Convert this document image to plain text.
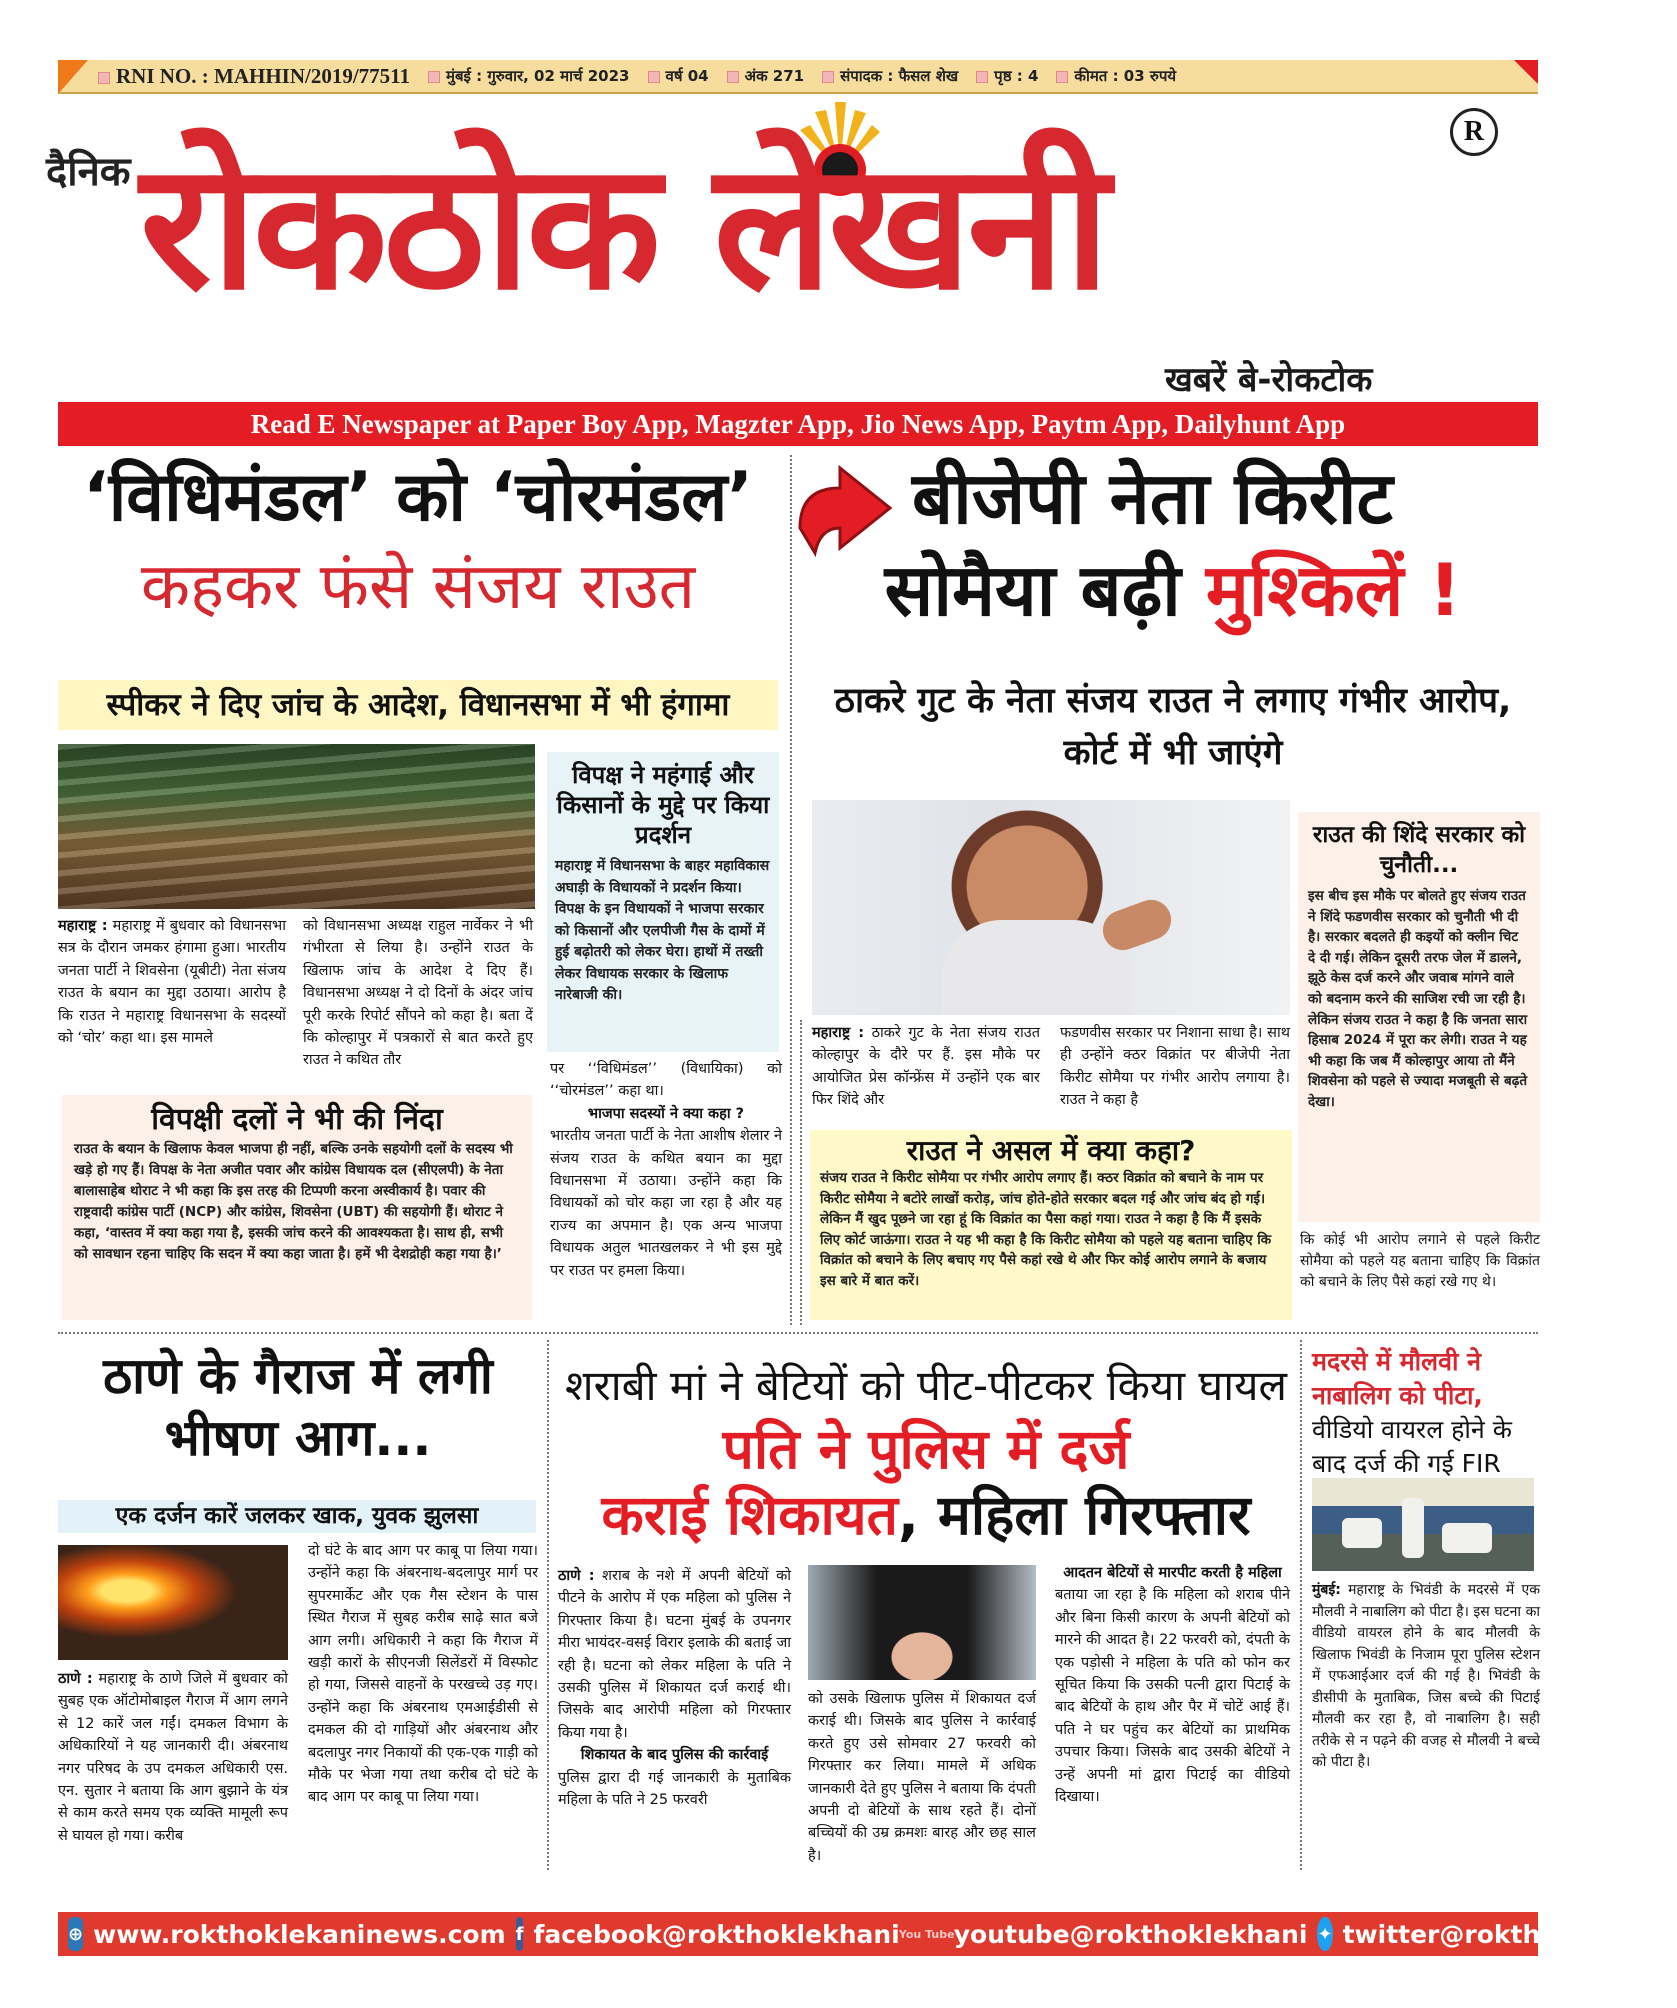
RNI NO. : MAHHIN/2019/77511	मुंबई : गुरुवार, 02 मार्च 2023	वर्ष 04	अंक 271	संपादक : फैसल शेख	पृष्ठ : 4	कीमत : 03 रुपये
दैनिक रोकठोक लेखनी	R
खबरें बे-रोकटोक
Read E Newspaper at Paper Boy App, Magzter App, Jio News App, Paytm App, Dailyhunt App
‘विधिमंडल’ को ‘चोरमंडल’
कहकर फंसे संजय राउत
स्पीकर ने दिए जांच के आदेश, विधानसभा में भी हंगामा
महाराष्ट्र : महाराष्ट्र में बुधवार को विधानसभा सत्र के दौरान जमकर हंगामा हुआ। भारतीय जनता पार्टी ने शिवसेना (यूबीटी) नेता संजय राउत के बयान का मुद्दा उठाया। आरोप है कि राउत ने महाराष्ट्र विधानसभा के सदस्यों को ‘चोर’ कहा था। इस मामले
को विधानसभा अध्यक्ष राहुल नार्वेकर ने भी गंभीरता से लिया है। उन्होंने राउत के खिलाफ जांच के आदेश दे दिए हैं। विधानसभा अध्यक्ष ने दो दिनों के अंदर जांच पूरी करके रिपोर्ट सौंपने को कहा है। बता दें कि कोल्हापुर में पत्रकारों से बात करते हुए राउत ने कथित तौर
विपक्ष ने महंगाई और किसानों के मुद्दे पर किया प्रदर्शन
महाराष्ट्र में विधानसभा के बाहर महाविकास अघाड़ी के विधायकों ने प्रदर्शन किया। विपक्ष के इन विधायकों ने भाजपा सरकार को किसानों और एलपीजी गैस के दामों में हुई बढ़ोतरी को लेकर घेरा। हाथों में तख्ती लेकर विधायक सरकार के खिलाफ नारेबाजी की।
पर ‘‘विधिमंडल’’ (विधायिका) को ‘‘चोरमंडल’’ कहा था।
भाजपा सदस्यों ने क्या कहा ?
भारतीय जनता पार्टी के नेता आशीष शेलार ने संजय राउत के कथित बयान का मुद्दा विधानसभा में उठाया। उन्होंने कहा कि विधायकों को चोर कहा जा रहा है और यह राज्य का अपमान है। एक अन्य भाजपा विधायक अतुल भातखलकर ने भी इस मुद्दे पर राउत पर हमला किया।
विपक्षी दलों ने भी की निंदा
राउत के बयान के खिलाफ केवल भाजपा ही नहीं, बल्कि उनके सहयोगी दलों के सदस्य भी खड़े हो गए हैं। विपक्ष के नेता अजीत पवार और कांग्रेस विधायक दल (सीएलपी) के नेता बालासाहेब थोराट ने भी कहा कि इस तरह की टिप्पणी करना अस्वीकार्य है। पवार की राष्ट्रवादी कांग्रेस पार्टी (NCP) और कांग्रेस, शिवसेना (UBT) की सहयोगी हैं। थोराट ने कहा, ‘वास्तव में क्या कहा गया है, इसकी जांच करने की आवश्यकता है। साथ ही, सभी को सावधान रहना चाहिए कि सदन में क्या कहा जाता है। हमें भी देशद्रोही कहा गया है।’
बीजेपी नेता किरीट
सोमैया बढ़ी मुश्किलें !
ठाकरे गुट के नेता संजय राउत ने लगाए गंभीर आरोप, कोर्ट में भी जाएंगे
महाराष्ट्र : ठाकरे गुट के नेता संजय राउत कोल्हापुर के दौरे पर हैं. इस मौके पर आयोजित प्रेस कॉन्फ्रेंस में उन्होंने एक बार फिर शिंदे और
फडणवीस सरकार पर निशाना साधा है। साथ ही उन्होंने क्ठर विक्रांत पर बीजेपी नेता किरीट सोमैया पर गंभीर आरोप लगाया है। राउत ने कहा है
राउत ने असल में क्या कहा?
संजय राउत ने किरीट सोमैया पर गंभीर आरोप लगाए हैं। क्ठर विक्रांत को बचाने के नाम पर किरीट सोमैया ने बटोरे लाखों करोड़, जांच होते-होते सरकार बदल गई और जांच बंद हो गई। लेकिन मैं खुद पूछने जा रहा हूं कि विक्रांत का पैसा कहां गया। राउत ने कहा है कि मैं इसके लिए कोर्ट जाऊंगा। राउत ने यह भी कहा है कि किरीट सोमैया को पहले यह बताना चाहिए कि विक्रांत को बचाने के लिए बचाए गए पैसे कहां रखे थे और फिर कोई आरोप लगाने के बजाय इस बारे में बात करें।
राउत की शिंदे सरकार को चुनौती...
इस बीच इस मौके पर बोलते हुए संजय राउत ने शिंदे फडणवीस सरकार को चुनौती भी दी है। सरकार बदलते ही कइयों को क्लीन चिट दे दी गई। लेकिन दूसरी तरफ जेल में डालने, झूठे केस दर्ज करने और जवाब मांगने वाले को बदनाम करने की साजिश रची जा रही है। लेकिन संजय राउत ने कहा है कि जनता सारा हिसाब 2024 में पूरा कर लेगी। राउत ने यह भी कहा कि जब मैं कोल्हापुर आया तो मैंने शिवसेना को पहले से ज्यादा मजबूती से बढ़ते देखा।
कि कोई भी आरोप लगाने से पहले किरीट सोमैया को पहले यह बताना चाहिए कि विक्रांत को बचाने के लिए पैसे कहां रखे गए थे।
ठाणे के गैराज में लगी भीषण आग...
एक दर्जन कारें जलकर खाक, युवक झुलसा
ठाणे : महाराष्ट्र के ठाणे जिले में बुधवार को सुबह एक ऑटोमोबाइल गैराज में आग लगने से 12 कारें जल गईं। दमकल विभाग के अधिकारियों ने यह जानकारी दी। अंबरनाथ नगर परिषद के उप दमकल अधिकारी एस. एन. सुतार ने बताया कि आग बुझाने के यंत्र से काम करते समय एक व्यक्ति मामूली रूप से घायल हो गया। करीब
दो घंटे के बाद आग पर काबू पा लिया गया। उन्होंने कहा कि अंबरनाथ-बदलापुर मार्ग पर सुपरमार्केट और एक गैस स्टेशन के पास स्थित गैराज में सुबह करीब साढ़े सात बजे आग लगी। अधिकारी ने कहा कि गैराज में खड़ी कारों के सीएनजी सिलेंडरों में विस्फोट हो गया, जिससे वाहनों के परखच्चे उड़ गए। उन्होंने कहा कि अंबरनाथ एमआईडीसी से दमकल की दो गाड़ियों और अंबरनाथ और बदलापुर नगर निकायों की एक-एक गाड़ी को मौके पर भेजा गया तथा करीब दो घंटे के बाद आग पर काबू पा लिया गया।
शराबी मां ने बेटियों को पीट-पीटकर किया घायल
पति ने पुलिस में दर्ज
कराई शिकायत, महिला गिरफ्तार
ठाणे : शराब के नशे में अपनी बेटियों को पीटने के आरोप में एक महिला को पुलिस ने गिरफ्तार किया है। घटना मुंबई के उपनगर मीरा भायंदर-वसई विरार इलाके की बताई जा रही है। घटना को लेकर महिला के पति ने उसकी पुलिस में शिकायत दर्ज कराई थी। जिसके बाद आरोपी महिला को गिरफ्तार किया गया है।
शिकायत के बाद पुलिस की कार्रवाई
पुलिस द्वारा दी गई जानकारी के मुताबिक महिला के पति ने 25 फरवरी
को उसके खिलाफ पुलिस में शिकायत दर्ज कराई थी। जिसके बाद पुलिस ने कार्रवाई करते हुए उसे सोमवार 27 फरवरी को गिरफ्तार कर लिया। मामले में अधिक जानकारी देते हुए पुलिस ने बताया कि दंपती अपनी दो बेटियों के साथ रहते हैं। दोनों बच्चियों की उम्र क्रमशः बारह और छह साल है।
आदतन बेटियों से मारपीट करती है महिला
बताया जा रहा है कि महिला को शराब पीने और बिना किसी कारण के अपनी बेटियों को मारने की आदत है। 22 फरवरी को, दंपती के एक पड़ोसी ने महिला के पति को फोन कर सूचित किया कि उसकी पत्नी द्वारा पिटाई के बाद बेटियों के हाथ और पैर में चोटें आई हैं। पति ने घर पहुंच कर बेटियों का प्राथमिक उपचार किया। जिसके बाद उसकी बेटियों ने उन्हें अपनी मां द्वारा पिटाई का वीडियो दिखाया।
मदरसे में मौलवी ने नाबालिग को पीटा,
वीडियो वायरल होने के बाद दर्ज की गई FIR
मुंबई: महाराष्ट्र के भिवंडी के मदरसे में एक मौलवी ने नाबालिग को पीटा है। इस घटना का वीडियो वायरल होने के बाद मौलवी के खिलाफ भिवंडी के निजाम पूरा पुलिस स्टेशन में एफआईआर दर्ज की गई है। भिवंडी के डीसीपी के मुताबिक, जिस बच्चे की पिटाई मौलवी कर रहा है, वो नाबालिग है। सही तरीके से न पढ़ने की वजह से मौलवी ने बच्चे को पीटा है।
⊕ www.rokthoklekaninews.com f facebook@rokthoklekhani You Tube youtube@rokthoklekhani ✦ twitter@rokthoklekhani
